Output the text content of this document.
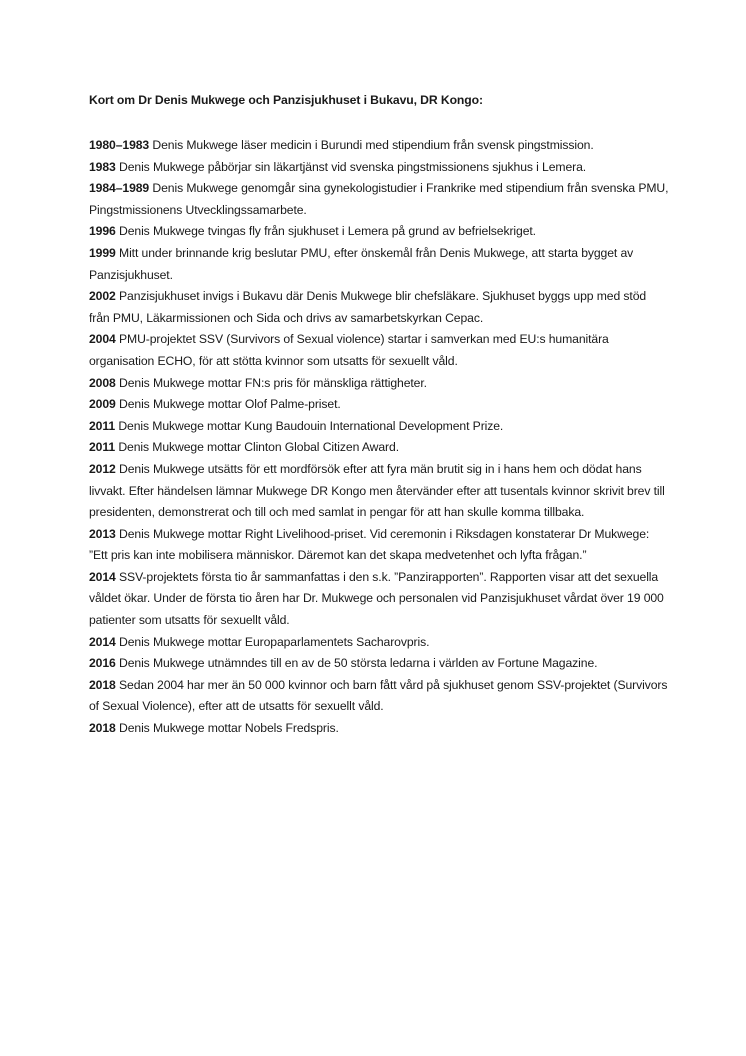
Kort om Dr Denis Mukwege och Panzisjukhuset i Bukavu, DR Kongo:
1980–1983 Denis Mukwege läser medicin i Burundi med stipendium från svensk pingstmission.
1983 Denis Mukwege påbörjar sin läkartjänst vid svenska pingstmissionens sjukhus i Lemera.
1984–1989 Denis Mukwege genomgår sina gynekologistudier i Frankrike med stipendium från svenska PMU, Pingstmissionens Utvecklingssamarbete.
1996 Denis Mukwege tvingas fly från sjukhuset i Lemera på grund av befrielsekriget.
1999 Mitt under brinnande krig beslutar PMU, efter önskemål från Denis Mukwege, att starta bygget av Panzisjukhuset.
2002 Panzisjukhuset invigs i Bukavu där Denis Mukwege blir chefsläkare. Sjukhuset byggs upp med stöd från PMU, Läkarmissionen och Sida och drivs av samarbetskyrkan Cepac.
2004 PMU-projektet SSV (Survivors of Sexual violence) startar i samverkan med EU:s humanitära organisation ECHO, för att stötta kvinnor som utsatts för sexuellt våld.
2008 Denis Mukwege mottar FN:s pris för mänskliga rättigheter.
2009 Denis Mukwege mottar Olof Palme-priset.
2011 Denis Mukwege mottar Kung Baudouin International Development Prize.
2011 Denis Mukwege mottar Clinton Global Citizen Award.
2012 Denis Mukwege utsätts för ett mordförsök efter att fyra män brutit sig in i hans hem och dödat hans livvakt. Efter händelsen lämnar Mukwege DR Kongo men återvänder efter att tusentals kvinnor skrivit brev till presidenten, demonstrerat och till och med samlat in pengar för att han skulle komma tillbaka.
2013 Denis Mukwege mottar Right Livelihood-priset. Vid ceremonin i Riksdagen konstaterar Dr Mukwege: ”Ett pris kan inte mobilisera människor. Däremot kan det skapa medvetenhet och lyfta frågan.”
2014 SSV-projektets första tio år sammanfattas i den s.k. ”Panzirapporten”. Rapporten visar att det sexuella våldet ökar. Under de första tio åren har Dr. Mukwege och personalen vid Panzisjukhuset vårdat över 19 000 patienter som utsatts för sexuellt våld.
2014 Denis Mukwege mottar Europaparlamentets Sacharovpris.
2016 Denis Mukwege utnämndes till en av de 50 största ledarna i världen av Fortune Magazine.
2018 Sedan 2004 har mer än 50 000 kvinnor och barn fått vård på sjukhuset genom SSV-projektet (Survivors of Sexual Violence), efter att de utsatts för sexuellt våld.
2018 Denis Mukwege mottar Nobels Fredspris.
